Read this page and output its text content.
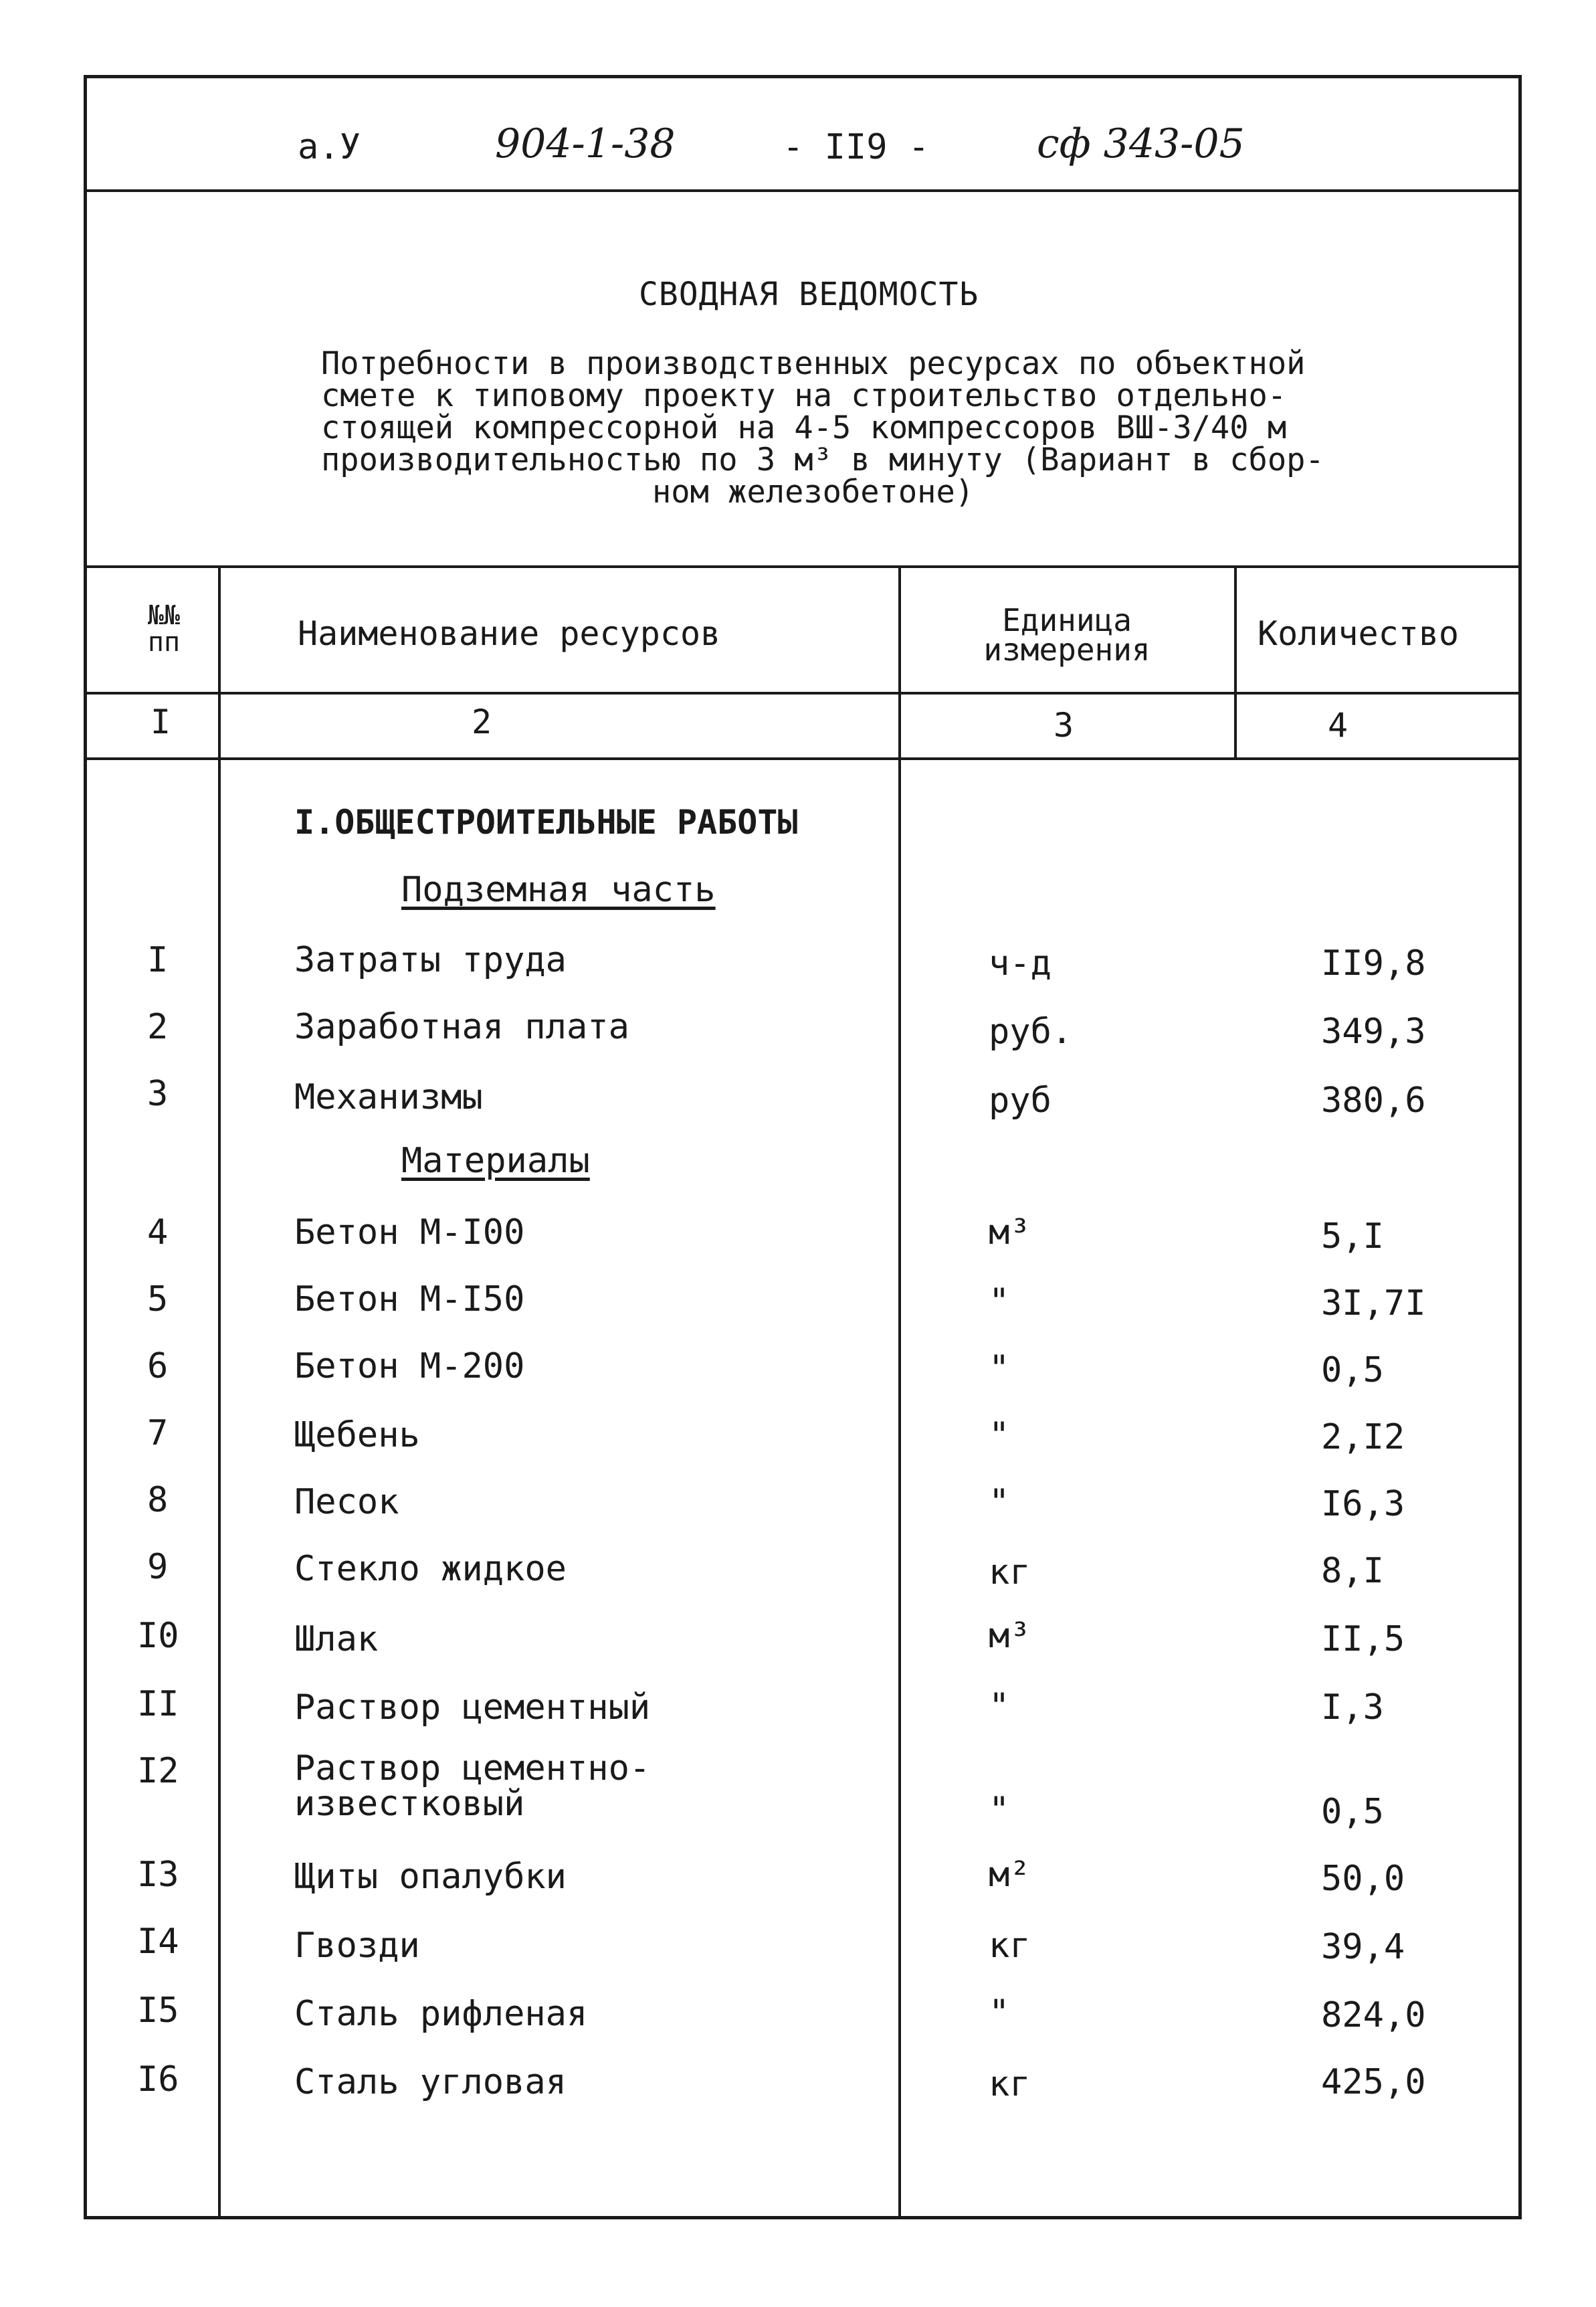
а.У	904-1-38	- II9 -	сф 343-05
СВОДНАЯ ВЕДОМОСТЬ
Потребности в производственных ресурсах по объектной
смете к типовому проекту на строительство отдельно-
стоящей компрессорной на 4-5 компрессоров ВШ-3/40 м
производительностью по 3 м³ в минуту (Вариант в сбор-
ном железобетоне)
№№ пп	Наименование ресурсов	Единица измерения	Количество
I	2	3	4
I.ОБЩЕСТРОИТЕЛЬНЫЕ РАБОТЫ
Подземная часть
Материалы
I	Затраты труда	ч-д	II9,8
2	Заработная плата	руб.	349,3
3	Механизмы	руб	380,6
4	Бетон М-I00	м³	5,I
5	Бетон М-I50	"	3I,7I
6	Бетон М-200	"	0,5
7	Щебень	"	2,I2
8	Песок	"	I6,3
9	Стекло жидкое	кг	8,I
I0	Шлак	м³	II,5
II	Раствор цементный	"	I,3
I2	Раствор цементно-
известковый	"	0,5
I3	Щиты опалубки	м²	50,0
I4	Гвозди	кг	39,4
I5	Сталь рифленая	"	824,0
I6	Сталь угловая	кг	425,0
